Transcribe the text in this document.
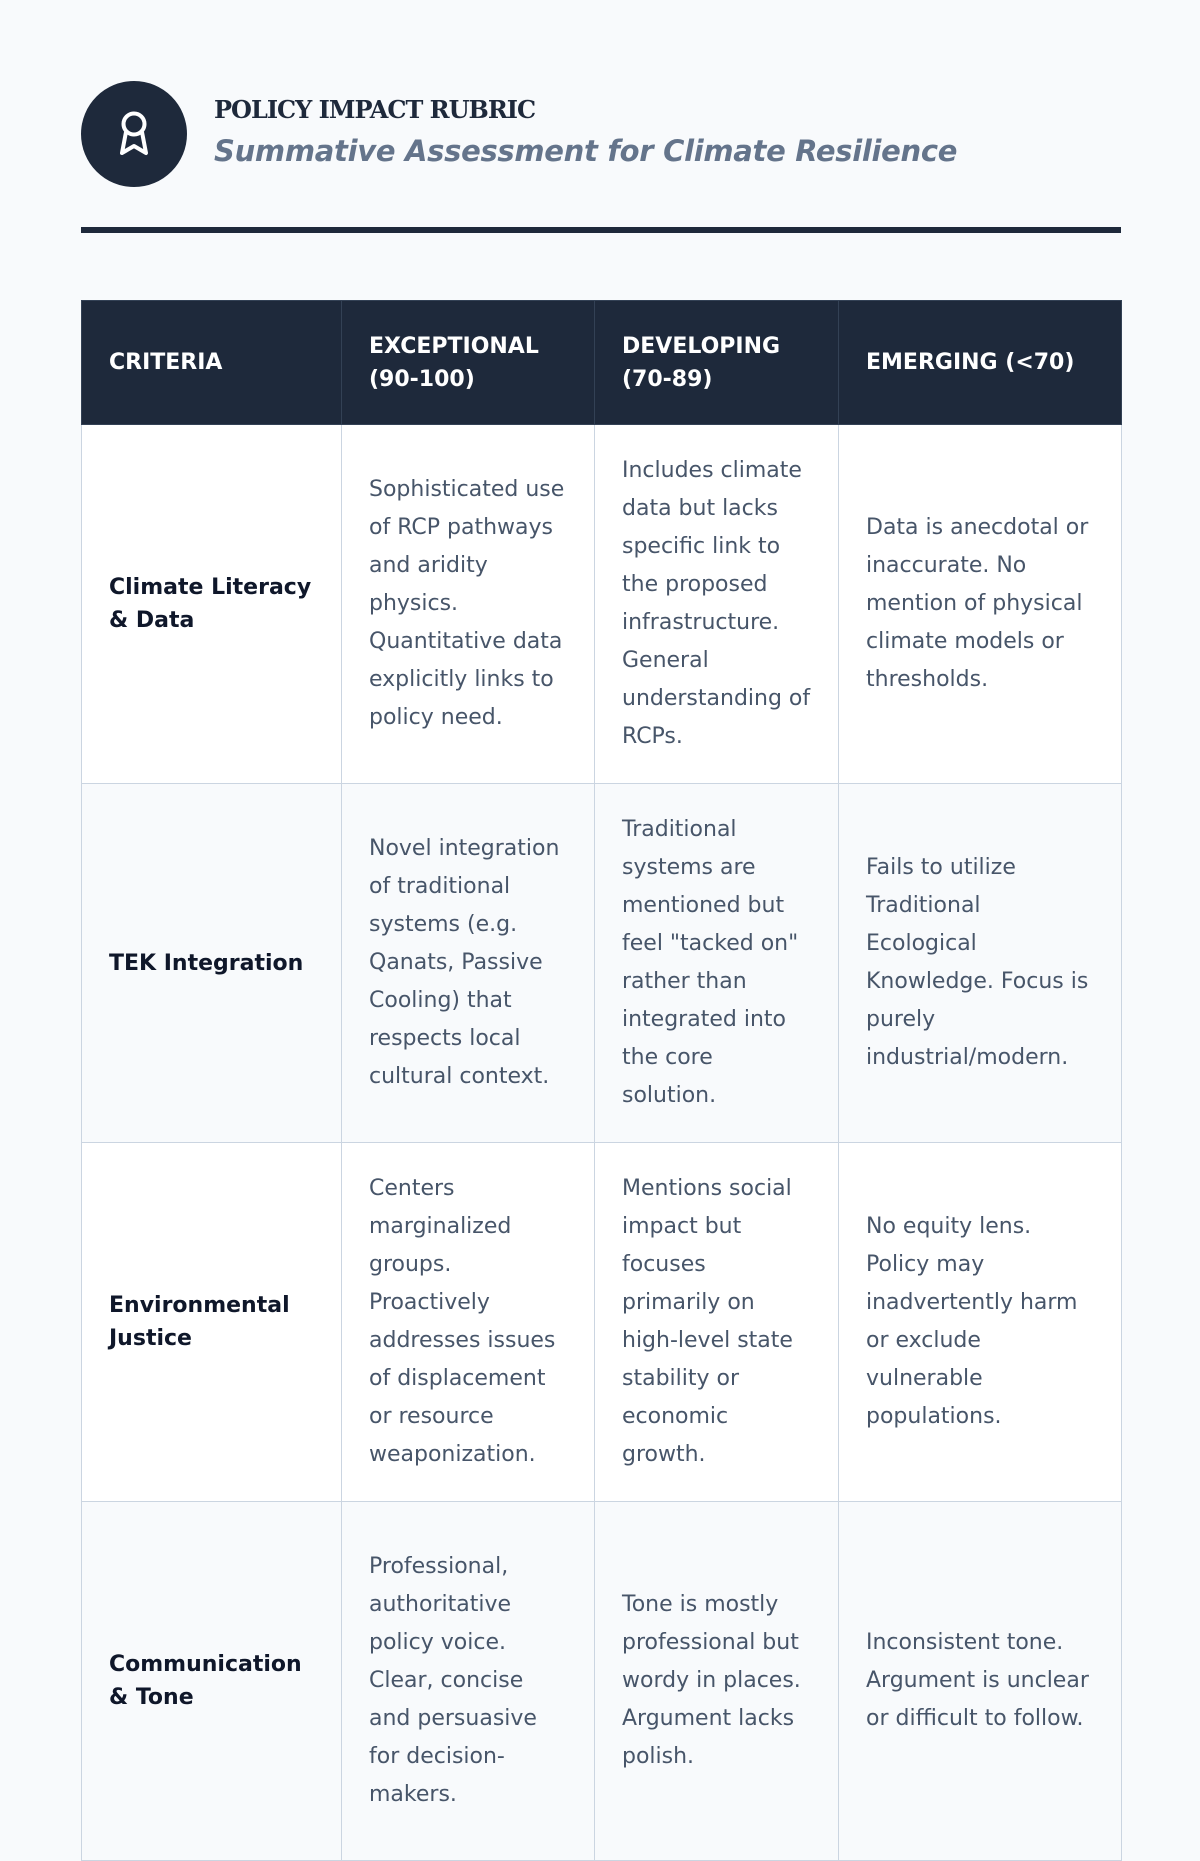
POLICY IMPACT RUBRIC
Summative Assessment for Climate Resilience
CRITERIA	EXCEPTIONAL (90-100)	DEVELOPING (70-89)	EMERGING (<70)
Climate Literacy & Data	Sophisticated use of RCP pathways and aridity physics. Quantitative data explicitly links to policy need.	Includes climate data but lacks specific link to the proposed infrastructure. General understanding of RCPs.	Data is anecdotal or inaccurate. No mention of physical climate models or thresholds.
TEK Integration	Novel integration of traditional systems (e.g. Qanats, Passive Cooling) that respects local cultural context.	Traditional systems are mentioned but feel "tacked on" rather than integrated into the core solution.	Fails to utilize Traditional Ecological Knowledge. Focus is purely industrial/modern.
Environmental Justice	Centers marginalized groups. Proactively addresses issues of displacement or resource weaponization.	Mentions social impact but focuses primarily on high-level state stability or economic growth.	No equity lens. Policy may inadvertently harm or exclude vulnerable populations.
Communication & Tone	Professional, authoritative policy voice. Clear, concise and persuasive for decision-makers.	Tone is mostly professional but wordy in places. Argument lacks polish.	Inconsistent tone. Argument is unclear or difficult to follow.
